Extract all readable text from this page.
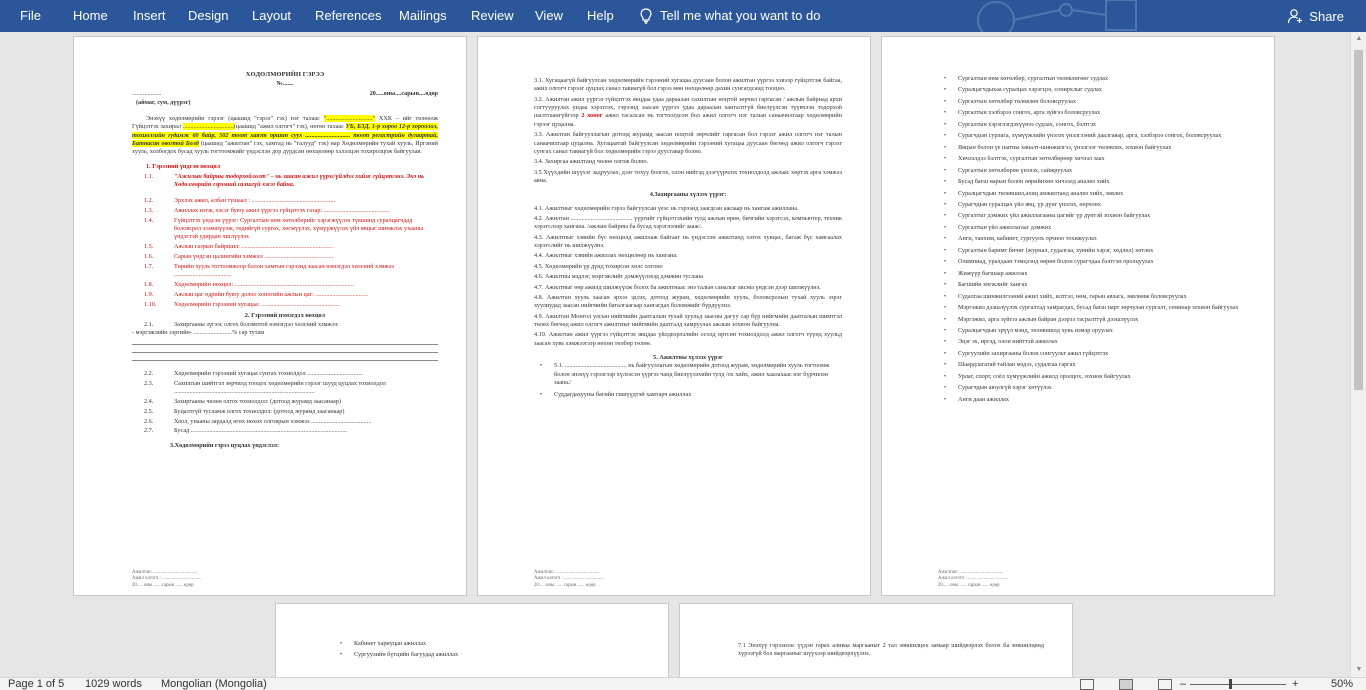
File Home Insert Design Layout References Mailings Review View Help	Tell me what you want to do	Share
ХӨДӨЛМӨРИЙН ГЭРЭЭ
№.......
...................	20.....оны....сарын....өдөр
(аймаг, сум, дүүрэг)
Энэхүү хөдөлмөрийн гэрээг (цаашид "гэрээ" гэх) нэг талаас ".............................." ХХК – ийг төлөөлж Гүйцэтгэх захирал .................................(цаашид "ажил олгогч" гэх), нөгөө талаас УБ, БЗД, 1-р хороо 12-р хороолол, тохиолгийн гудамж 60 байр, 502 тоот хаягт оршин суух ............................. тоот регистрийн дугаартай, Батнасан овогтой Болд (цаашид "ажилтан" гэх, хамтад нь "талууд" гэх) нар Хөдөлмөрийн тухай хууль, Иргэний хууль, холбогдох бусад хууль тогтоомжийг үндэслэн дор дурдсан нөхцөлөөр хэлэлцэн тохиролцож байгуулав.
1. Гэрээний үндсэн нөхцөл
1.1.	"Ажилын байрны тодорхойлолт" – нь заасан ажил үүрэг/үйлдэл хийж гүйцэтгэнэ. Энэ нь Хөдөлмөрийн гэрээний салшгүй хэсэг байна.
1.2.	Эрхлэх ажил, албан тушаал : ......................................................
1.3.	Ажиллах нэгж, хэсэг буюу ажил үүргээ гүйцэтгэх газар: ...........................................
1.4.	Гүйцэтгэх үндсэн үүрэг: Сургалтын нөм хөтөлбөрийг хэрэгжүүлэх түвшинд суралцагчдад боловсрол эзэмшүүлж, төдийгүй сургах, хөгжүүлэх, хүмүүжүүлэх үйл явцыг шинжлэх ухааны үндэстэй удирдан чиглүүлэх
1.5.	Ажлын газрын байршил: ...........................................................
1.6.	Сарын үндсэн цалингийн хэмжээ: ............................................
1.7.	Төрийн хууль тогтоомжоор болон хамтын гэрээнд заасан нэмэгдэл хөлсний хэмжээ .....................................
1.8.	Хөдөлмөрийн нөхцөл: .............................................................................
1.9.	Ажлын цаг өдрийн буюу долоо хоногийн ажлын цаг: ..................................
1.10.	Хөдөлмөрийн гэрээний хугацаа: ...................................................
2. Гэрээний нэмэгдэл нөхцөл
2.1.	Захиргааны зүгээс олгох болзмотой нэмэгдэл хөлсний хэмжээ:
- мэргэжлийн зэргийн- .........................% сар тутам
2.2.	Хөдөлмөрийн гэрээний хугацаа сунгах тохиолдол ....................................
2.3.	Сахилгын шийтгэл зөрчилд тооцох хөдөлмөрийн гэрээг шууд цуцлах тохиолдол ...........................................................................................
2.4.	Захиргааны чөлөө олгох тохиолдол: (дотоод журамд заасанаар)
2.5.	Буцалтгүй тусламж олгох тохиолдол: (дотоод журамд заасанаар)
2.6.	Хоол, унааны зардалд өгөх нөхөх олговрын хэмжээ .......................................
2.7.	Бусад .....................................................................................................
3.Хөдөлмөрийн гэрээ цуцлах үндэслэл:
Ажилтан: .....................................
Ажил олгогч : .................................
20..... оны ...... сарын ...... өдөр
3.1. Хугацаагүй байгуулсан хөдөлмөрийн гэрээний хугацаа дуусаан болон ажилтан үүргээ хэвээр гүйцэтгэж байгаа, ажил олгогч гэрээг цуцлах санал тавиагүй бол гэрээ мөн нөхцөлөөр дахин сунгагдсанд тооцно.
3.2. Ажилтан ажил үүргээ гүйцэтгэх явцдаа удаа дараалан сахилгын ноцтой зөрчил гаргасан / ажлын байрнад архи согтууруулах ундаа хэрэглэх, гэрээнд заасан үүргээ удаа дараалан хангалтгүй биелүүлсэн түүвчлэн тодорхой шалтгаангүйгээр 2 хоног ажил тасалсан нь тогтоогдсон бол ажил олгогч нэг талын санаачилгаар хөдөлмөрийн гэрээг цуцална.
3.3. Ажилтан байгууллагын дотоод журамд заасан ноцтой зөрчлийг гаргасан бол гэрээг ажил олгогч нэг талын санаачилгаар цуцална. Хугацаатай байгуулсан хөдөлмөрийн гэрээний хугацаа дуусаан бөгөөд ажил олгогч гэрээг сунгах санал тавиагүй бол хөдөлмөрийн гэрээ дуусгавар болно.
3.4. Захиргаа ажилтанд чөлөө олгож болно.
3.5 Хүүхдийн шүүхэг задруулах, дээг тохуу болгох, олон нийтэд дээгүүрчлэх тохиолдолд ажлаас хөртэх арга хэмжээ авна.
4.Захиргааны хүлээх үүрэг:
4.1. Ажилтныг хөдөлмөрийн гэрээ байгуулсан үеэс нь гэрээнд заагдсан ажлаар нь хангаж ажиллана.
4.2. Ажилтан ........................................ үүргийг гүйцэтгэхийн тулд ажлын өрөө, бичгийн хэрэгсэл, компьютер, техник хэрэгслээр хангана. /ажлын байрны ба бусад хэрэглэлийг зааж/.
4.3. Ажилтныг хэвийн бүс нөхцөлд ажиллаж байгааг нь үндэслэн ажилтанд олгох хувцас, багаж бүс хамгаалах хэрэгслийг нь шилжүүлнэ.
4.4. Ажилтныг хэвийн ажиллах нөхцөлөөр нь хангана.
4.5. Хөдөлмөрийн үр дүнд тохирсон хөлс олгоно
4.6. Ажилтны мэдлэг, мэргэжлийг дэмжүүлэхэд дэмжин туслана
4.7. Ажилтныг өөр ажилд шилжүүлж болох ба ажилтнаас энэ талын саналыг авсны үндсэн дээр шилжүүлнэ.
4.8. Ажилтан хууль заасан эрхээ эдлэх, дотоод журам, хөдөлмөрийн хууль, боловсролын тухай хууль зэрэг хуулиудад заасан нийгмийн баталгаагаар хангагдах боломжийг бүрдүүлнэ.
4.9. Ажилтан Монгол улсын нийгмийн даатгалын тухай хуульд заасны дагуу сар бүр нийгмийн даатгалын шимтгэл төлөх бөгөөд ажил олгогч ажилтныг нийгмийн даатгалд хамруулах ажлын зохион байгуулна.
4.10. Ажилтан ажил үүргээ гүйцэтгэх явцдаа үйлдвэрлэлийн осолд өртсөн тохиолдолд ажил олгогч түүнд хуульд заасан хувь хэмжээгээр нөхөн төлбөр төлнө.
5. Ажилтны хүлээх үүрэг
• 5.1. ........................................ нь байгууллагын хөдөлмөрийн дотоод журам, хөдөлмөрийн хууль тогтоомж болон энэхүү гэрээгээр хүлээсэн үүргээ чанд биелүүлэхийн тулд /ох хийх, ажил хаалахаас нэг бүрчилэн заана./
• Суддагдахууны багийн гишүүдтэй хамтарч ажиллах
Ажилтан: .....................................
Ажил олгогч : .................................
20..... оны ...... сарын ...... өдөр
• Сургалтын нөм хөтөлбөр, сургалтын төлөвлөгөөг судлах
• Суралцагчдыхаа суралцах хэрэгцээ, сонирхлыг судлах
• Сургалтын хөтөлбөр төлөвлөн боловсруулах
• Сургалтын хэлбэрээ сонгох, арга зүйгээ боловсруулах
• Сургалтын хэрэглэгдэхүүнээ судлах, сонгох, бэлтгэх
• Сурагчдын сурлага, хүмүүжлийн үнэлэх үнэлгээний даалгавар, арга, хэлбэрээ сонгох, боловсруулах
• Явцын болон үе шатны хяналт-шинжилгээ, үнэлгээг төлөвлөх, зохион байгуулах
• Хичээлдээ бэлтгэх, сургалтын хөтөлбөрөөр хичээл заах
• Сургалтын хөтөлбөрөө үнэлэх, сайжруулах
• Бусад багш нарын болон өөрийнхөө хичээлд анализ хийх
• Суралцагчдын төлөвшил,ахиц амжилтанд анализ хийх, зөвлөх
• Сурагчдын суралцах үйл явц, үр дүнг үнэлэх, өөрчлөх
• Сургалтыг дэмжих үйл ажиллагааны цагийг үр дүнтэй зохион байгуулах
• Сургалтын үйл ажиллагааг дэмжих
• Анги, танхим, кабинет, сургуулъ орчноо тохижуулах
• Сургалтын баримт бичиг (журнал, судалгаа, хувийн хэрэг, хөдлөл) хөтлөх
• Олимпиад, уралдаан тэмцээнд өөрөө болон сурагчдаа бэлтгэн оролцуулах
• Жижүүр багшаар ажиллах
• Багшийн хөгжлийг хангах
• Судалгаа шинжилгээний ажил хийх, илтгэл, нөм, гарын авлага, зөвлөмж боловсруулах
• Мэргэжил дээшлүүлэх сургалтад хамрагдах, бусад багш нарт зөрчулан сургалт, семинар зохион байгуулах
• Мэргэжил, арга зүйгээ ажлын байран дээрээ тасралтгүй дээшлүүлэх
• Суралцагчдын эрүүл мэнд, төлөвшилд хувь нэмэр оруулах
• Эцэг эх, иргэд, олон нийттэй ажиллах
• Сургуулийн захиргааны болон сонгуульт ажил гүйцэтгэх
• Шаардлагатай тайлан мэдээ, судалгаа гаргах
• Урлаг, спорт, соёл хүмүүжлийн ажилд оролцох, зохион байгуулах
• Сурагчдын аюулгүй хэрэг хөтүүлэх
• Анги даан ажиллах
Ажилтан: .....................................
Ажил олгогч : .................................
20..... оны ...... сарын ...... өдөр
• Кабинет хариуцан ажиллах
• Сургуулийн бүтцийн багуудад ажиллах
7.1 Энэхүү гэрээнээс үүдэн гарах аливаа маргааныг 2 тал зөвшилцөх замаар шийдвэрлэх болох ба зөвшилцөөд хүрээгүй бол маргааныг шүүхээр шийдвэрлүүлнэ.
▲
▼
Page 1 of 5 1029 words Mongolian (Mongolia)	–	+	50%
